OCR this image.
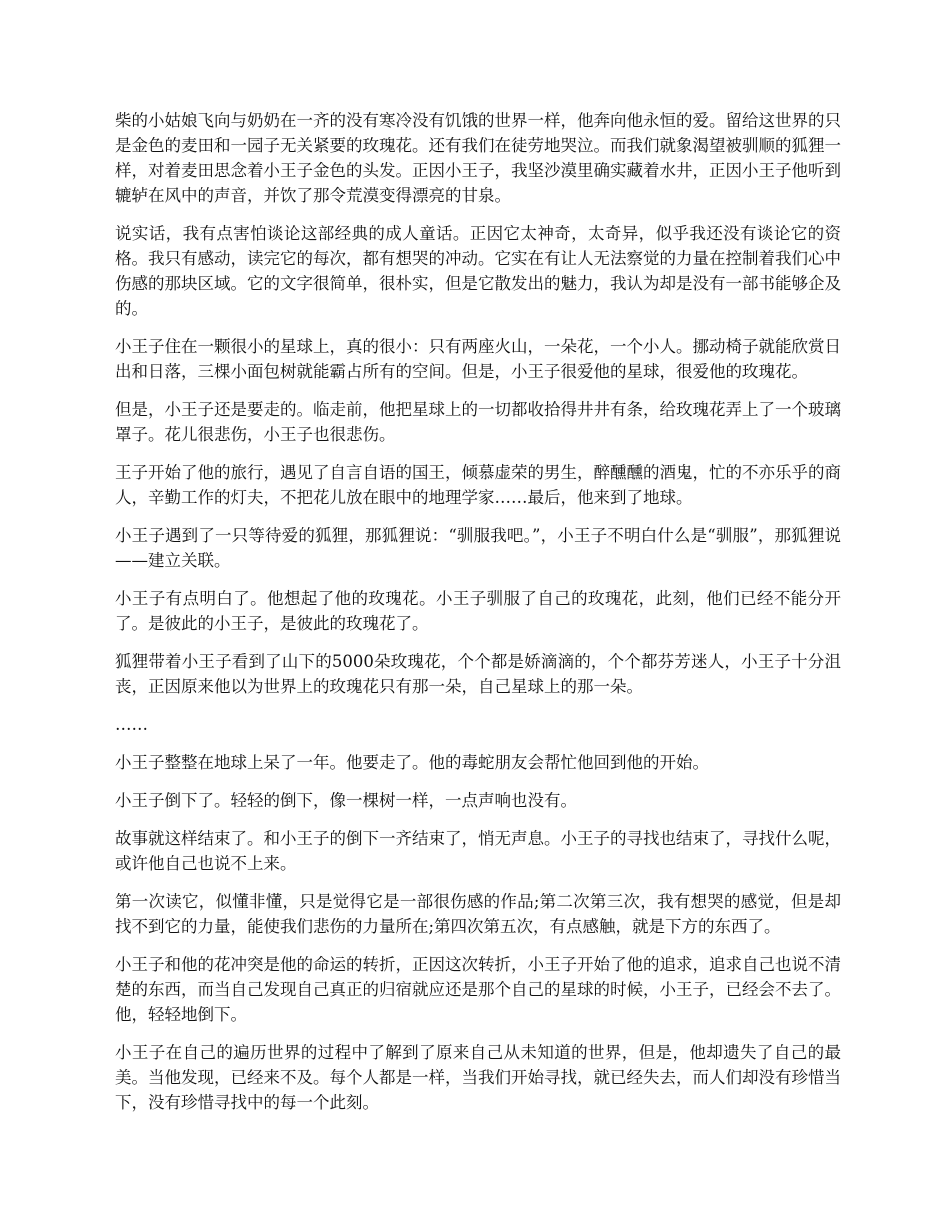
柴的小姑娘飞向与奶奶在一齐的没有寒冷没有饥饿的世界一样，他奔向他永恒的爱。留给这世界的只是金色的麦田和一园子无关紧要的玫瑰花。还有我们在徒劳地哭泣。而我们就象渴望被驯顺的狐狸一样，对着麦田思念着小王子金色的头发。正因小王子，我坚沙漠里确实藏着水井，正因小王子他听到辘轳在风中的声音，并饮了那令荒漠变得漂亮的甘泉。

说实话，我有点害怕谈论这部经典的成人童话。正因它太神奇，太奇异，似乎我还没有谈论它的资格。我只有感动，读完它的每次，都有想哭的冲动。它实在有让人无法察觉的力量在控制着我们心中伤感的那块区域。它的文字很简单，很朴实，但是它散发出的魅力，我认为却是没有一部书能够企及的。

小王子住在一颗很小的星球上，真的很小：只有两座火山，一朵花，一个小人。挪动椅子就能欣赏日出和日落，三棵小面包树就能霸占所有的空间。但是，小王子很爱他的星球，很爱他的玫瑰花。

但是，小王子还是要走的。临走前，他把星球上的一切都收拾得井井有条，给玫瑰花弄上了一个玻璃罩子。花儿很悲伤，小王子也很悲伤。

王子开始了他的旅行，遇见了自言自语的国王，倾慕虚荣的男生，醉醺醺的酒鬼，忙的不亦乐乎的商人，辛勤工作的灯夫，不把花儿放在眼中的地理学家……最后，他来到了地球。

小王子遇到了一只等待爱的狐狸，那狐狸说：“驯服我吧。”，小王子不明白什么是“驯服”，那狐狸说——建立关联。

小王子有点明白了。他想起了他的玫瑰花。小王子驯服了自己的玫瑰花，此刻，他们已经不能分开了。是彼此的小王子，是彼此的玫瑰花了。

狐狸带着小王子看到了山下的5000朵玫瑰花，个个都是娇滴滴的，个个都芬芳迷人，小王子十分沮丧，正因原来他以为世界上的玫瑰花只有那一朵，自己星球上的那一朵。

……

小王子整整在地球上呆了一年。他要走了。他的毒蛇朋友会帮忙他回到他的开始。

小王子倒下了。轻轻的倒下，像一棵树一样，一点声响也没有。

故事就这样结束了。和小王子的倒下一齐结束了，悄无声息。小王子的寻找也结束了，寻找什么呢，或许他自己也说不上来。

第一次读它，似懂非懂，只是觉得它是一部很伤感的作品;第二次第三次，我有想哭的感觉，但是却找不到它的力量，能使我们悲伤的力量所在;第四次第五次，有点感触，就是下方的东西了。

小王子和他的花冲突是他的命运的转折，正因这次转折，小王子开始了他的追求，追求自己也说不清楚的东西，而当自己发现自己真正的归宿就应还是那个自己的星球的时候，小王子，已经会不去了。他，轻轻地倒下。

小王子在自己的遍历世界的过程中了解到了原来自己从未知道的世界，但是，他却遗失了自己的最美。当他发现，已经来不及。每个人都是一样，当我们开始寻找，就已经失去，而人们却没有珍惜当下，没有珍惜寻找中的每一个此刻。
